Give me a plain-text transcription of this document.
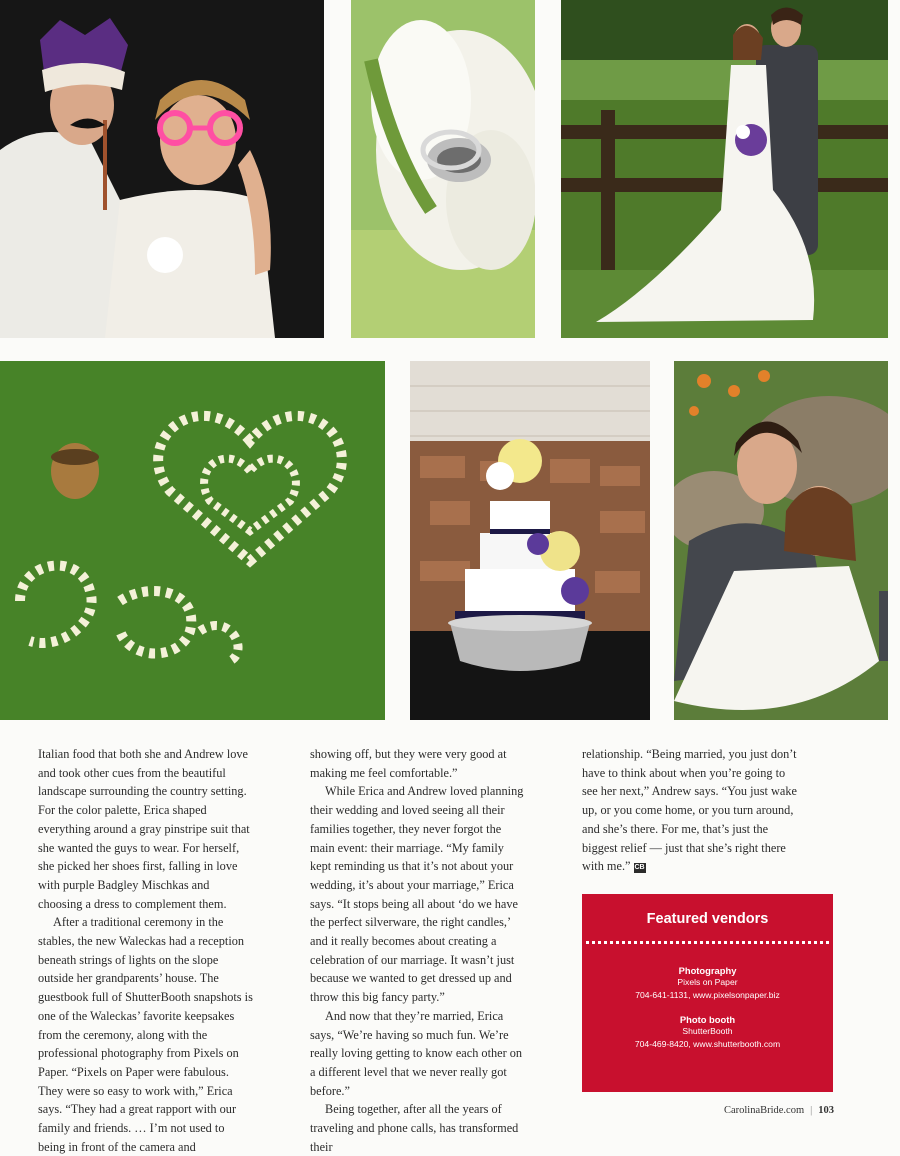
Italian food that both she and Andrew love and took other cues from the beautiful landscape surrounding the country setting. For the color palette, Erica shaped everything around a gray pinstripe suit that she wanted the guys to wear. For herself, she picked her shoes first, falling in love with purple Badgley Mischkas and choosing a dress to complement them.

After a traditional ceremony in the stables, the new Waleckas had a reception beneath strings of lights on the slope outside her grandparents’ house. The guestbook full of ShutterBooth snapshots is one of the Waleckas’ favorite keepsakes from the ceremony, along with the professional photography from Pixels on Paper. “Pixels on Paper were fabulous. They were so easy to work with,” Erica says. “They had a great rapport with our family and friends. … I’m not used to being in front of the camera and

showing off, but they were very good at making me feel comfortable.”

While Erica and Andrew loved planning their wedding and loved seeing all their families together, they never forgot the main event: their marriage. “My family kept reminding us that it’s not about your wedding, it’s about your marriage,” Erica says. “It stops being all about ‘do we have the perfect silverware, the right candles,’ and it really becomes about creating a celebration of our marriage. It wasn’t just because we wanted to get dressed up and throw this big fancy party.”

And now that they’re married, Erica says, “We’re having so much fun. We’re really loving getting to know each other on a different level that we never really got before.”

Being together, after all the years of traveling and phone calls, has transformed their

relationship. “Being married, you just don’t have to think about when you’re going to see her next,” Andrew says. “You just wake up, or you come home, or you turn around, and she’s there. For me, that’s just the biggest relief — just that she’s right there with me.” CB

Featured vendors
Photography
Pixels on Paper
704-641-1131, www.pixelsonpaper.biz
Photo booth
ShutterBooth
704-469-8420, www.shutterbooth.com
CarolinaBride.com | 103
